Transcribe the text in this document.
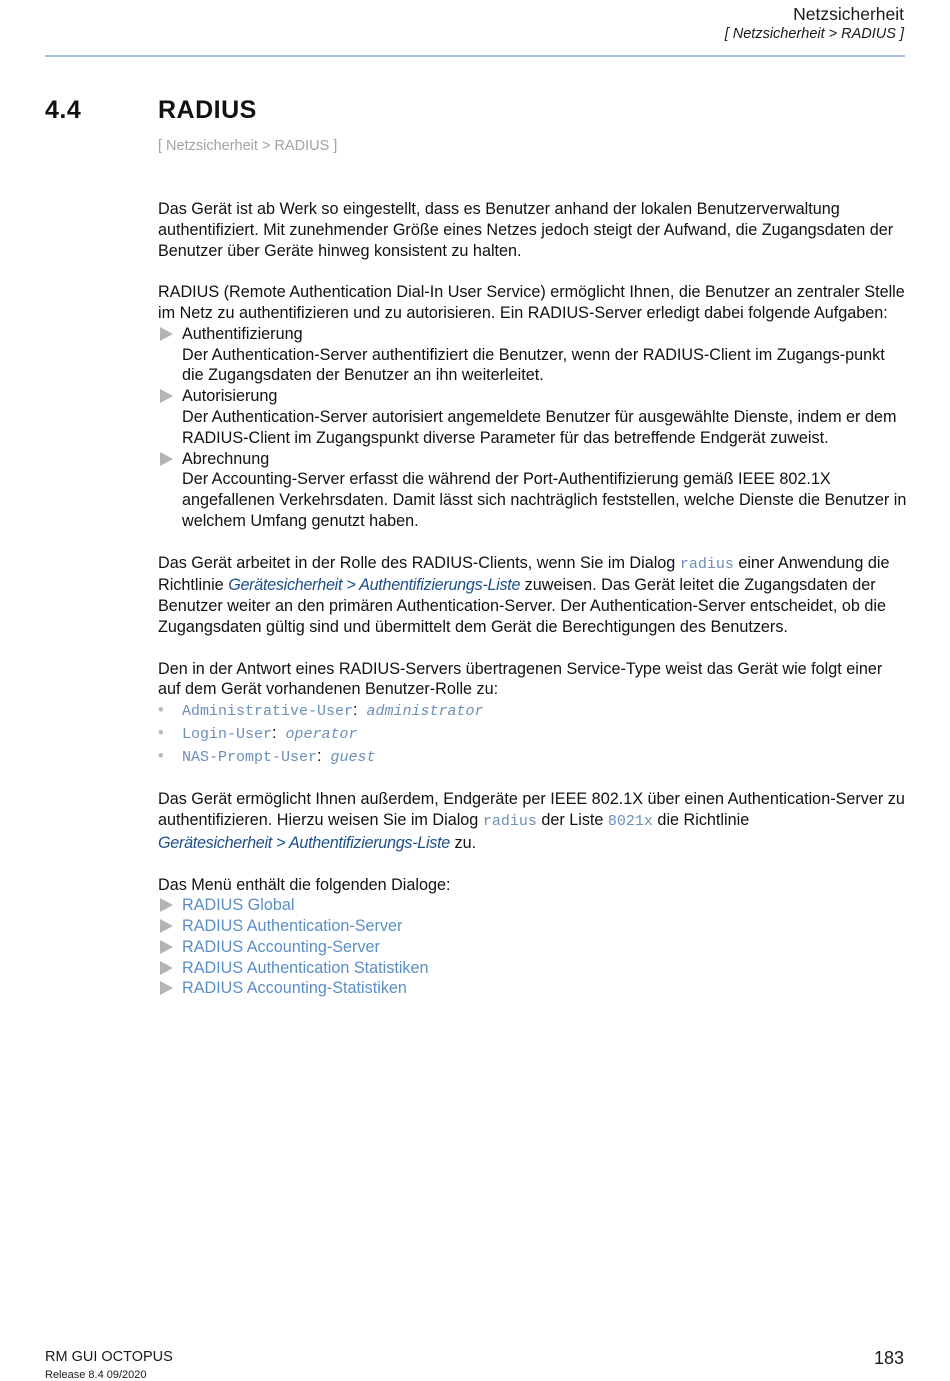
Netzsicherheit
[ Netzsicherheit > RADIUS ]
4.4	RADIUS
[ Netzsicherheit > RADIUS ]

Das Gerät ist ab Werk so eingestellt, dass es Benutzer anhand der lokalen Benutzerverwaltung authentifiziert. Mit zunehmender Größe eines Netzes jedoch steigt der Aufwand, die Zugangsdaten der Benutzer über Geräte hinweg konsistent zu halten.

RADIUS (Remote Authentication Dial-In User Service) ermöglicht Ihnen, die Benutzer an zentraler Stelle im Netz zu authentifizieren und zu autorisieren. Ein RADIUS-Server erledigt dabei folgende Aufgaben:

Authentifizierung
Der Authentication-Server authentifiziert die Benutzer, wenn der RADIUS-Client im Zugangs-punkt die Zugangsdaten der Benutzer an ihn weiterleitet.
Autorisierung
Der Authentication-Server autorisiert angemeldete Benutzer für ausgewählte Dienste, indem er dem RADIUS-Client im Zugangspunkt diverse Parameter für das betreffende Endgerät zuweist.
Abrechnung
Der Accounting-Server erfasst die während der Port-Authentifizierung gemäß IEEE 802.1X angefallenen Verkehrsdaten. Damit lässt sich nachträglich feststellen, welche Dienste die Benutzer in welchem Umfang genutzt haben.

Das Gerät arbeitet in der Rolle des RADIUS-Clients, wenn Sie im Dialog radius einer Anwendung die Richtlinie Gerätesicherheit > Authentifizierungs-Liste zuweisen. Das Gerät leitet die Zugangsdaten der Benutzer weiter an den primären Authentication-Server. Der Authentication-Server entscheidet, ob die Zugangsdaten gültig sind und übermittelt dem Gerät die Berechtigungen des Benutzers.

Den in der Antwort eines RADIUS-Servers übertragenen Service-Type weist das Gerät wie folgt einer auf dem Gerät vorhandenen Benutzer-Rolle zu:

• Administrative-User: administrator
• Login-User: operator
• NAS-Prompt-User: guest

Das Gerät ermöglicht Ihnen außerdem, Endgeräte per IEEE 802.1X über einen Authentication-Server zu authentifizieren. Hierzu weisen Sie im Dialog radius der Liste 8021x die Richtlinie
Gerätesicherheit > Authentifizierungs-Liste zu.

Das Menü enthält die folgenden Dialoge:

RADIUS Global
RADIUS Authentication-Server
RADIUS Accounting-Server
RADIUS Authentication Statistiken
RADIUS Accounting-Statistiken
RM GUI OCTOPUS
Release 8.4 09/2020
183
